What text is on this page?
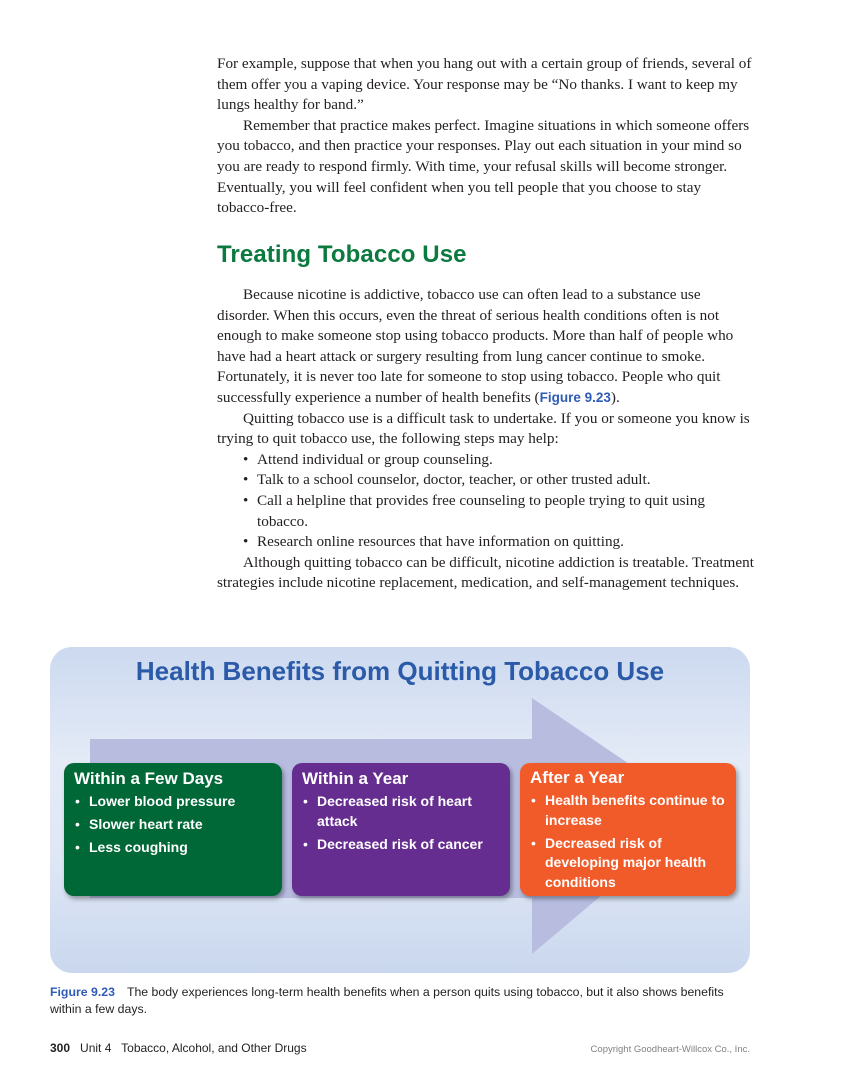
For example, suppose that when you hang out with a certain group of friends, several of them offer you a vaping device. Your response may be “No thanks. I want to keep my lungs healthy for band.”

Remember that practice makes perfect. Imagine situations in which someone offers you tobacco, and then practice your responses. Play out each situation in your mind so you are ready to respond firmly. With time, your refusal skills will become stronger. Eventually, you will feel confident when you tell people that you choose to stay tobacco-free.

Treating Tobacco Use

Because nicotine is addictive, tobacco use can often lead to a substance use disorder. When this occurs, even the threat of serious health conditions often is not enough to make someone stop using tobacco products. More than half of people who have had a heart attack or surgery resulting from lung cancer continue to smoke. Fortunately, it is never too late for someone to stop using tobacco. People who quit successfully experience a number of health benefits (Figure 9.23).

Quitting tobacco use is a difficult task to undertake. If you or someone you know is trying to quit tobacco use, the following steps may help:

• Attend individual or group counseling.
• Talk to a school counselor, doctor, teacher, or other trusted adult.
• Call a helpline that provides free counseling to people trying to quit using tobacco.
• Research online resources that have information on quitting.

Although quitting tobacco can be difficult, nicotine addiction is treatable. Treatment strategies include nicotine replacement, medication, and self-management techniques.

Health Benefits from Quitting Tobacco Use
Within a Few Days
• Lower blood pressure
• Slower heart rate
• Less coughing
Within a Year
• Decreased risk of heart attack
• Decreased risk of cancer
After a Year
• Health benefits continue to increase
• Decreased risk of developing major health conditions
Figure 9.23 The body experiences long-term health benefits when a person quits using tobacco, but it also shows benefits within a few days.
300 Unit 4   Tobacco, Alcohol, and Other Drugs	Copyright Goodheart-Willcox Co., Inc.
